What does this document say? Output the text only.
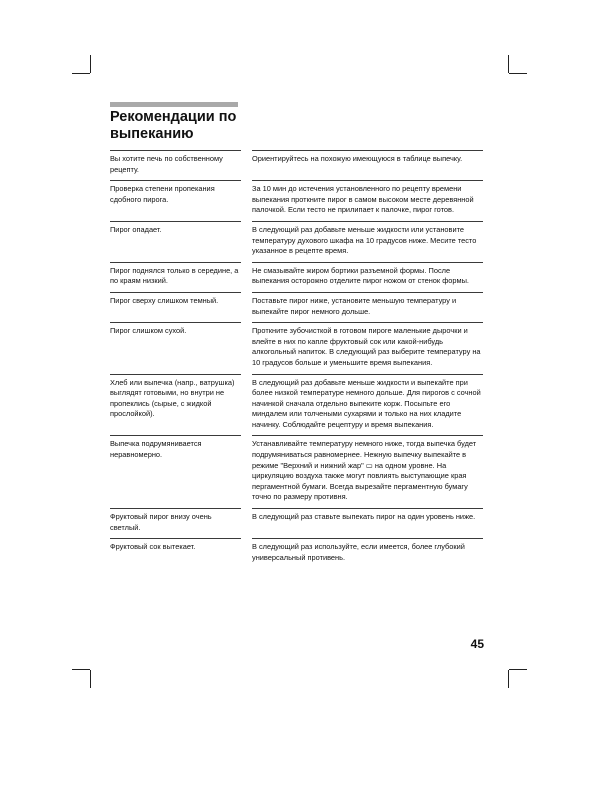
Рекомендации по
выпеканию
Вы хотите печь по собственному рецепту.		Ориентируйтесь на похожую имеющуюся в таблице выпечку.
Проверка степени пропекания сдобного пирога.		За 10 мин до истечения установленного по рецепту времени выпекания проткните пирог в самом высоком месте деревянной палочкой. Если тесто не прилипает к палочке, пирог готов.
Пирог опадает.		В следующий раз добавьте меньше жидкости или установите температуру духового шкафа на 10 градусов ниже. Месите тесто указанное в рецепте время.
Пирог поднялся только в середине, а по краям низкий.		Не смазывайте жиром бортики разъемной формы. После выпекания осторожно отделите пирог ножом от стенок формы.
Пирог сверху слишком темный.		Поставьте пирог ниже, установите меньшую температуру и выпекайте пирог немного дольше.
Пирог слишком сухой.		Проткните зубочисткой в готовом пироге маленькие дырочки и влейте в них по капле фруктовый сок или какой-нибудь алкогольный напиток. В следующий раз выберите температуру на 10 градусов больше и уменьшите время выпекания.
Хлеб или выпечка (напр., ватрушка) выглядят готовыми, но внутри не пропеклись (сырые, с жидкой прослойкой).		В следующий раз добавьте меньше жидкости и выпекайте при более низкой температуре немного дольше. Для пирогов с сочной начинкой сначала отдельно выпеките корж. Посыпьте его миндалем или толчеными сухарями и только на них кладите начинку. Соблюдайте рецептуру и время выпекания.
Выпечка подрумянивается неравномерно.		Устанавливайте температуру немного ниже, тогда выпечка будет подрумяниваться равномернее. Нежную выпечку выпекайте в режиме "Верхний и нижний жар" ▭ на одном уровне. На циркуляцию воздуха также могут повлиять выступающие края пергаментной бумаги. Всегда вырезайте пергаментную бумагу точно по размеру противня.
Фруктовый пирог внизу очень светлый.		В следующий раз ставьте выпекать пирог на один уровень ниже.
Фруктовый сок вытекает.		В следующий раз используйте, если имеется, более глубокий универсальный противень.
45
